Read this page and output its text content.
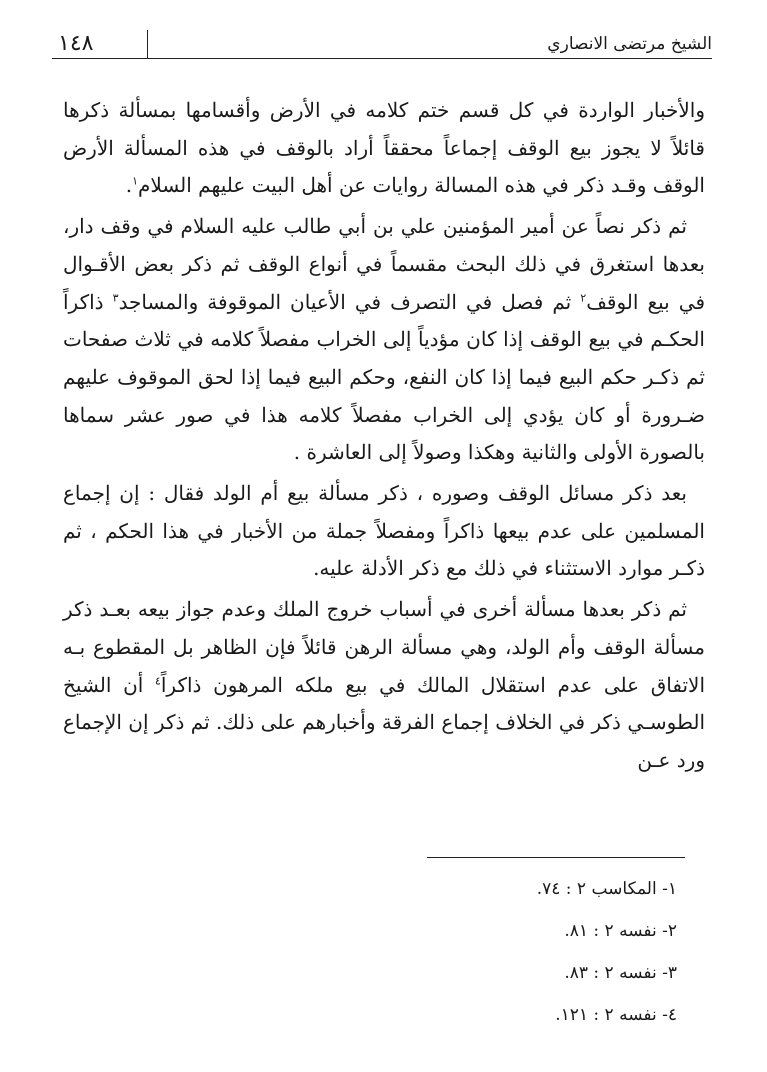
الشيخ مرتضى الانصاري
١٤٨

والأخبار الواردة في كل قسم ختم كلامه في الأرض وأقسامها بمسألة ذكرها قائلاً لا يجوز بيع الوقف إجماعاً محققاً أراد بالوقف في هذه المسألة الأرض الوقف وقـد ذكر في هذه المسالة روايات عن أهل البيت عليهم السلام$^١$.

ثم ذكر نصاً عن أمير المؤمنين علي بن أبي طالب عليه السلام في وقف دار، بعدها استغرق في ذلك البحث مقسماً في أنواع الوقف ثم ذكر بعض الأقـوال في بيع الوقف$^٢$ ثم فصل في التصرف في الأعيان الموقوفة والمساجد$^٣$ ذاكراً الحكـم في بيع الوقف إذا كان مؤدياً إلى الخراب مفصلاً كلامه في ثلاث صفحات ثم ذكـر حكم البيع فيما إذا كان النفع، وحكم البيع فيما إذا لحق الموقوف عليهم ضـرورة أو كان يؤدي إلى الخراب مفصلاً كلامه هذا في صور عشر سماها بالصورة الأولى والثانية وهكذا وصولاً إلى العاشرة .

بعد ذكر مسائل الوقف وصوره ، ذكر مسألة بيع أم الولد فقال : إن إجماع المسلمين على عدم بيعها ذاكراً ومفصلاً جملة من الأخبار في هذا الحكم ، ثم ذكـر موارد الاستثناء في ذلك مع ذكر الأدلة عليه.

ثم ذكر بعدها مسألة أخرى في أسباب خروج الملك وعدم جواز بيعه بعـد ذكر مسألة الوقف وأم الولد، وهي مسألة الرهن قائلاً فإن الظاهر بل المقطوع بـه الاتفاق على عدم استقلال المالك في بيع ملكه المرهون ذاكراً$^٤$ أن الشيخ الطوسـي ذكر في الخلاف إجماع الفرقة وأخبارهم على ذلك. ثم ذكر إن الإجماع ورد عـن

١- المكاسب ٢ : ٧٤.
٢- نفسه ٢ : ٨١.
٣- نفسه ٢ : ٨٣.
٤- نفسه ٢ : ١٢١.
